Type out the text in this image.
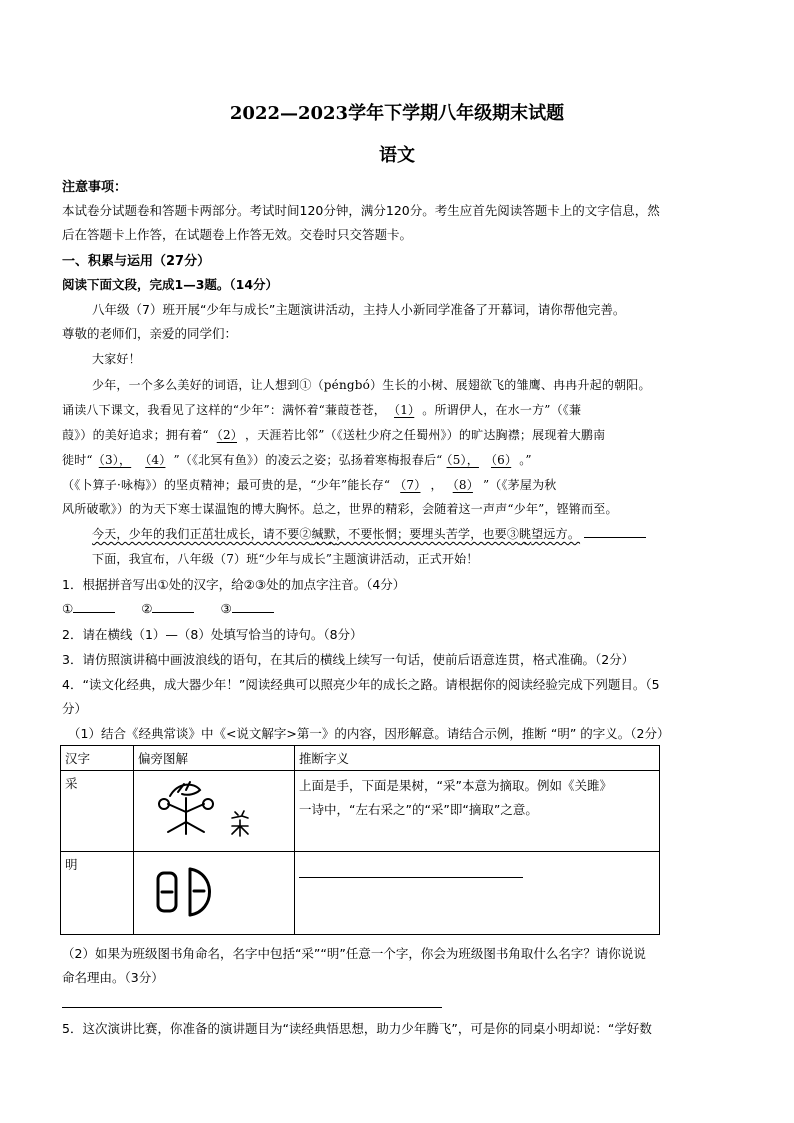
2022—2023学年下学期八年级期末试题
语文
注意事项：
本试卷分试题卷和答题卡两部分。考试时间120分钟，满分120分。考生应首先阅读答题卡上的文字信息，然
后在答题卡上作答，在试题卷上作答无效。交卷时只交答题卡。
一、积累与运用（27分）
阅读下面文段，完成1—3题。（14分）
八年级（7）班开展“少年与成长”主题演讲活动，主持人小新同学准备了开幕词，请你帮他完善。
尊敬的老师们，亲爱的同学们：
大家好！
少年，一个多么美好的词语，让人想到①（péngbó）生长的小树、展翅欲飞的雏鹰、冉冉升起的朝阳。
诵读八下课文，我看见了这样的“少年”：满怀着“蒹葭苍苍， （1） 。所谓伊人，在水一方”（《蒹
葭》）的美好追求；拥有着“ （2） ，天涯若比邻”（《送杜少府之任蜀州》）的旷达胸襟；展现着大鹏南
徙时“ （3）， （4） ”（《北冥有鱼》）的凌云之姿；弘扬着寒梅报春后“ （5）， （6） 。”
（《卜算子·咏梅》）的坚贞精神；最可贵的是，“少年”能长存“ （7） ， （8） ”（《茅屋为秋
风所破歌》）的为天下寒士谋温饱的博大胸怀。总之，世界的精彩，会随着这一声声“少年”，铿锵而至。
今天，少年的我们正茁壮成长，请不要②缄默，不要怅惘；要埋头苦学，也要③眺望远方。
下面，我宣布，八年级（7）班“少年与成长”主题演讲活动，正式开始！
1．根据拼音写出①处的汉字，给②③处的加点字注音。（4分）
①	②	③
2．请在横线（1）—（8）处填写恰当的诗句。（8分）
3．请仿照演讲稿中画波浪线的语句，在其后的横线上续写一句话，使前后语意连贯，格式准确。（2分）
4．“读文化经典，成大器少年！”阅读经典可以照亮少年的成长之路。请根据你的阅读经验完成下列题目。（5
分）
（1）结合《经典常谈》中《<说文解字>第一》的内容，因形解意。请结合示例，推断 “明” 的字义。（2分）
汉字	偏旁图解	推断字义
采		上面是手，下面是果树，“采”本意为摘取。例如《关雎》
一诗中，“左右采之”的“采”即“摘取”之意。

明	

（2）如果为班级图书角命名，名字中包括“采”“明”任意一个字，你会为班级图书角取什么名字？请你说说
命名理由。（3分）
5．这次演讲比赛，你准备的演讲题目为“读经典悟思想，助力少年腾飞”，可是你的同桌小明却说：“学好数
